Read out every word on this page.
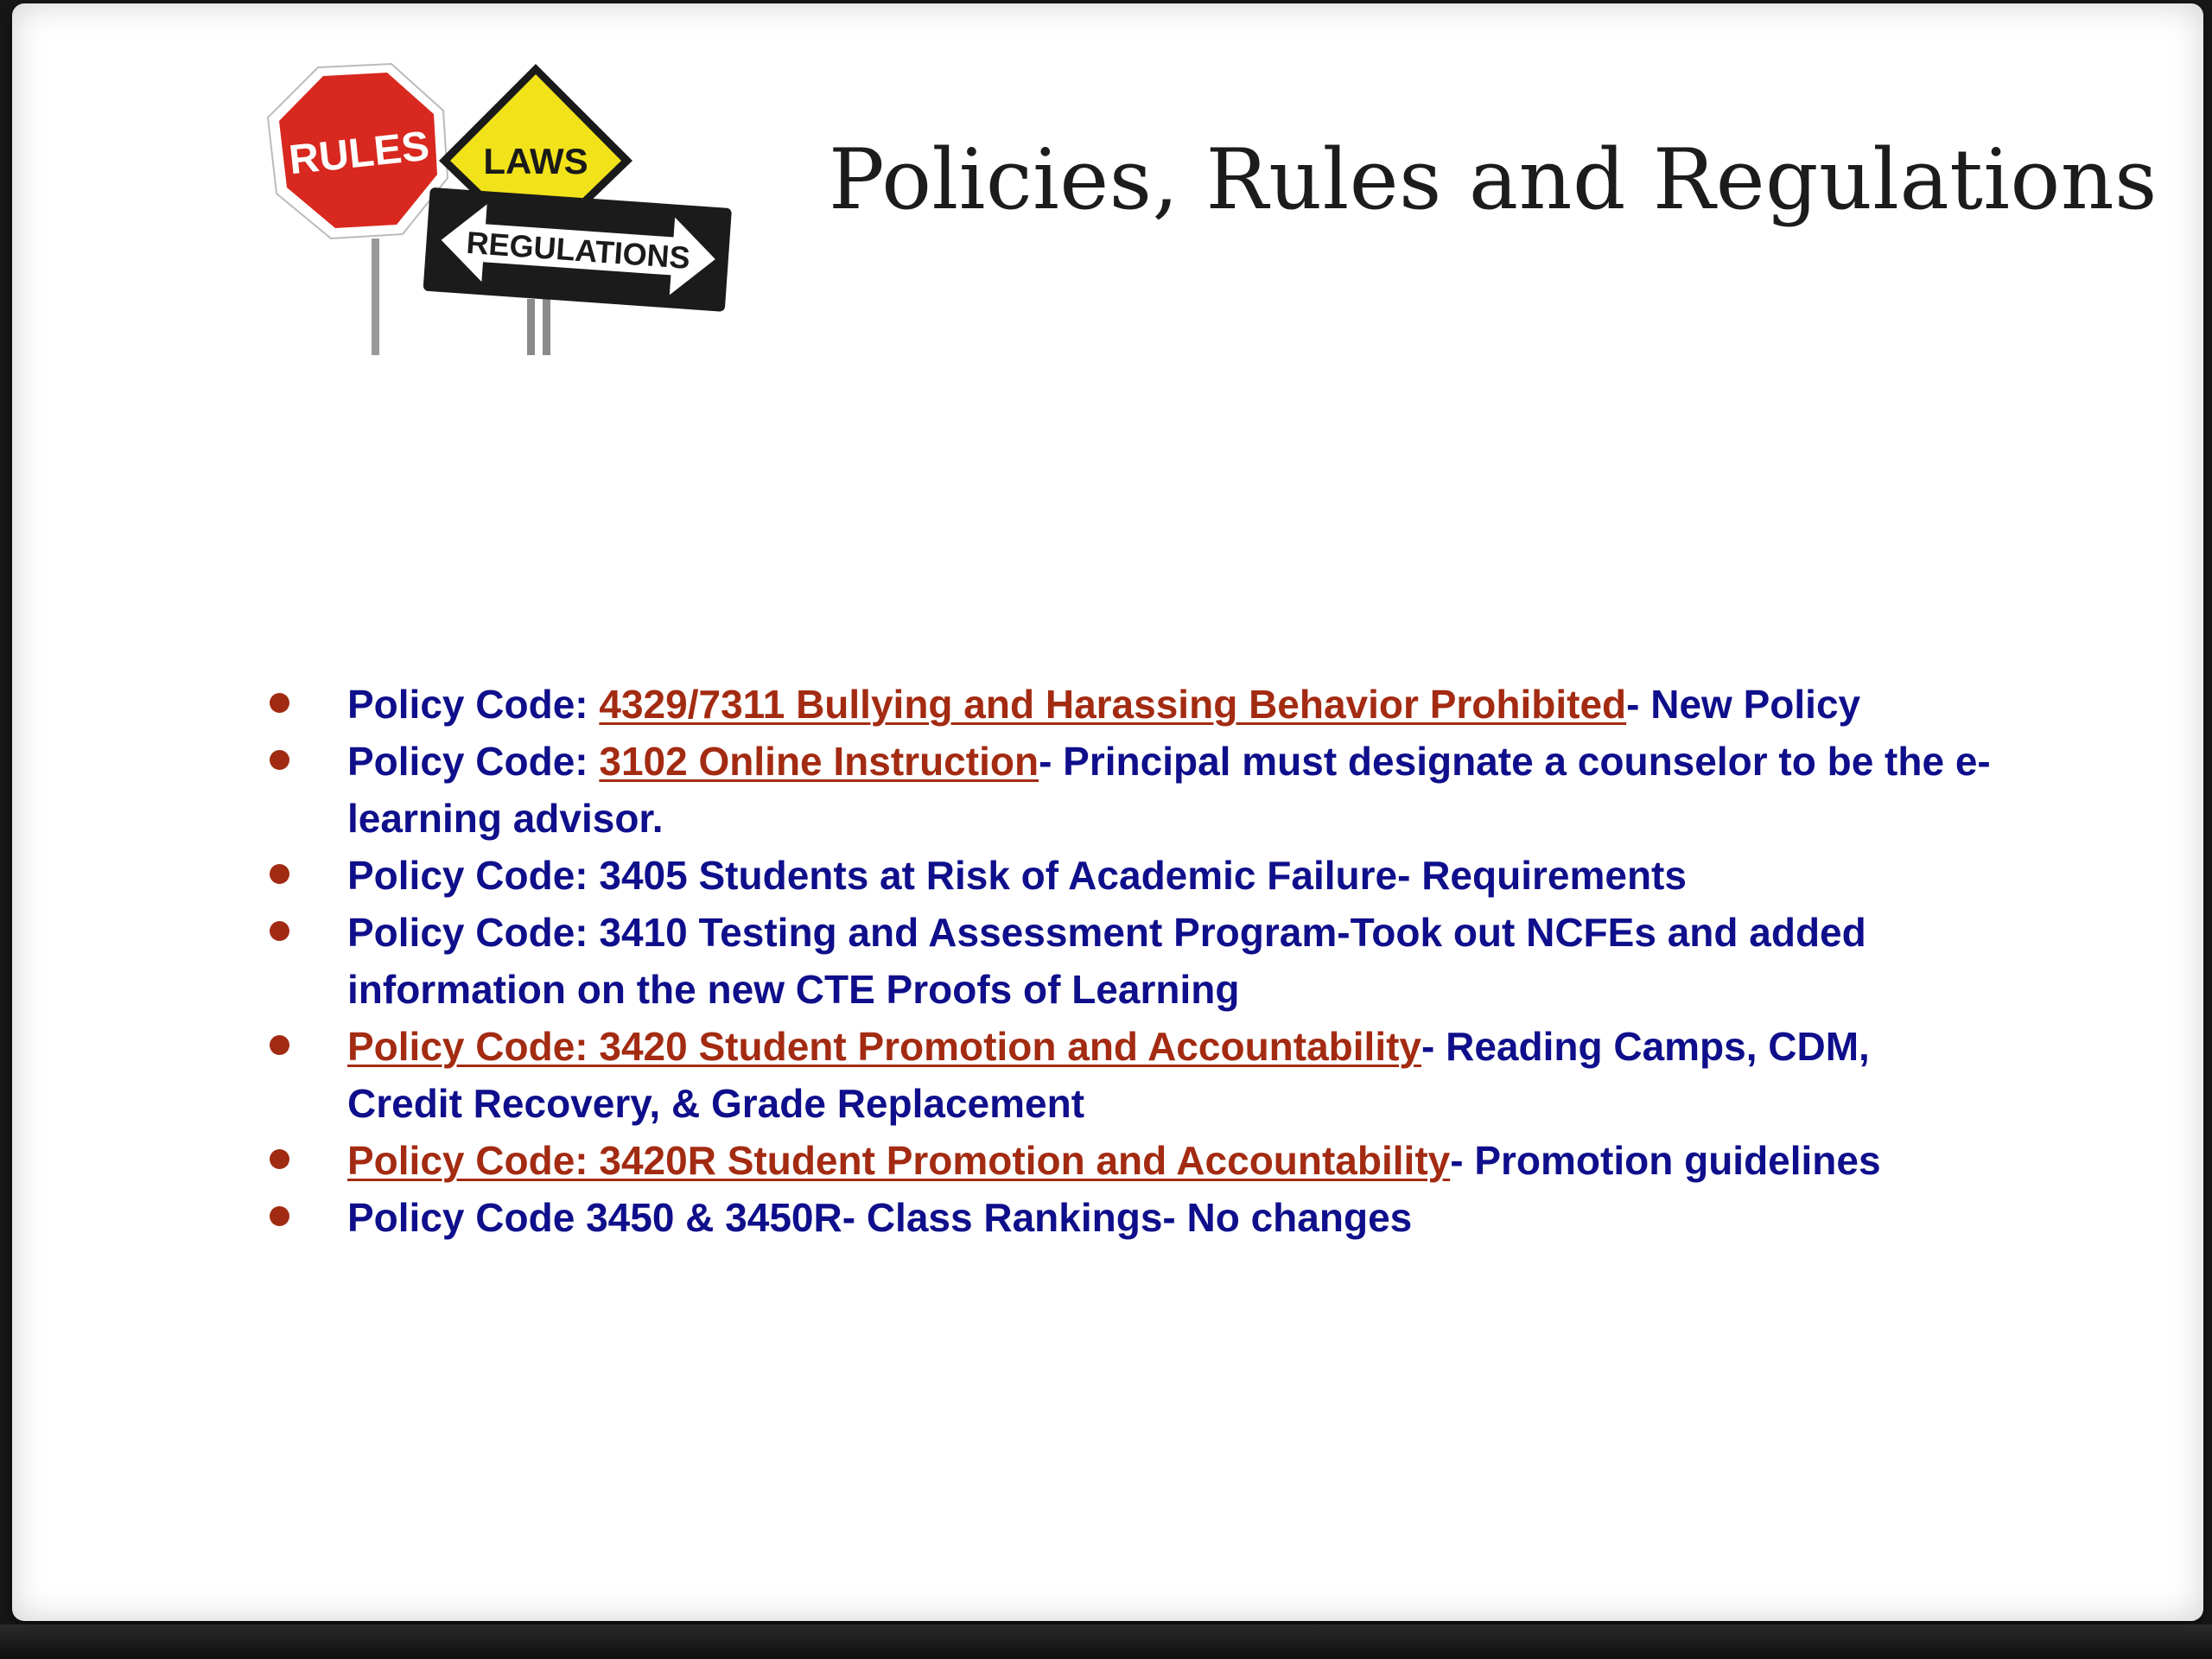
RULES LAWS
REGULATIONS
Policies, Rules and Regulations

Policy Code: 4329/7311 Bullying and Harassing Behavior Prohibited- New Policy

Policy Code: 3102 Online Instruction- Principal must designate a counselor to be the e-learning advisor.

Policy Code: 3405 Students at Risk of Academic Failure- Requirements

Policy Code: 3410 Testing and Assessment Program-Took out NCFEs and added information on the new CTE Proofs of Learning

Policy Code: 3420 Student Promotion and Accountability- Reading Camps, CDM, Credit Recovery, & Grade Replacement

Policy Code: 3420R Student Promotion and Accountability- Promotion guidelines

Policy Code 3450 & 3450R- Class Rankings- No changes
